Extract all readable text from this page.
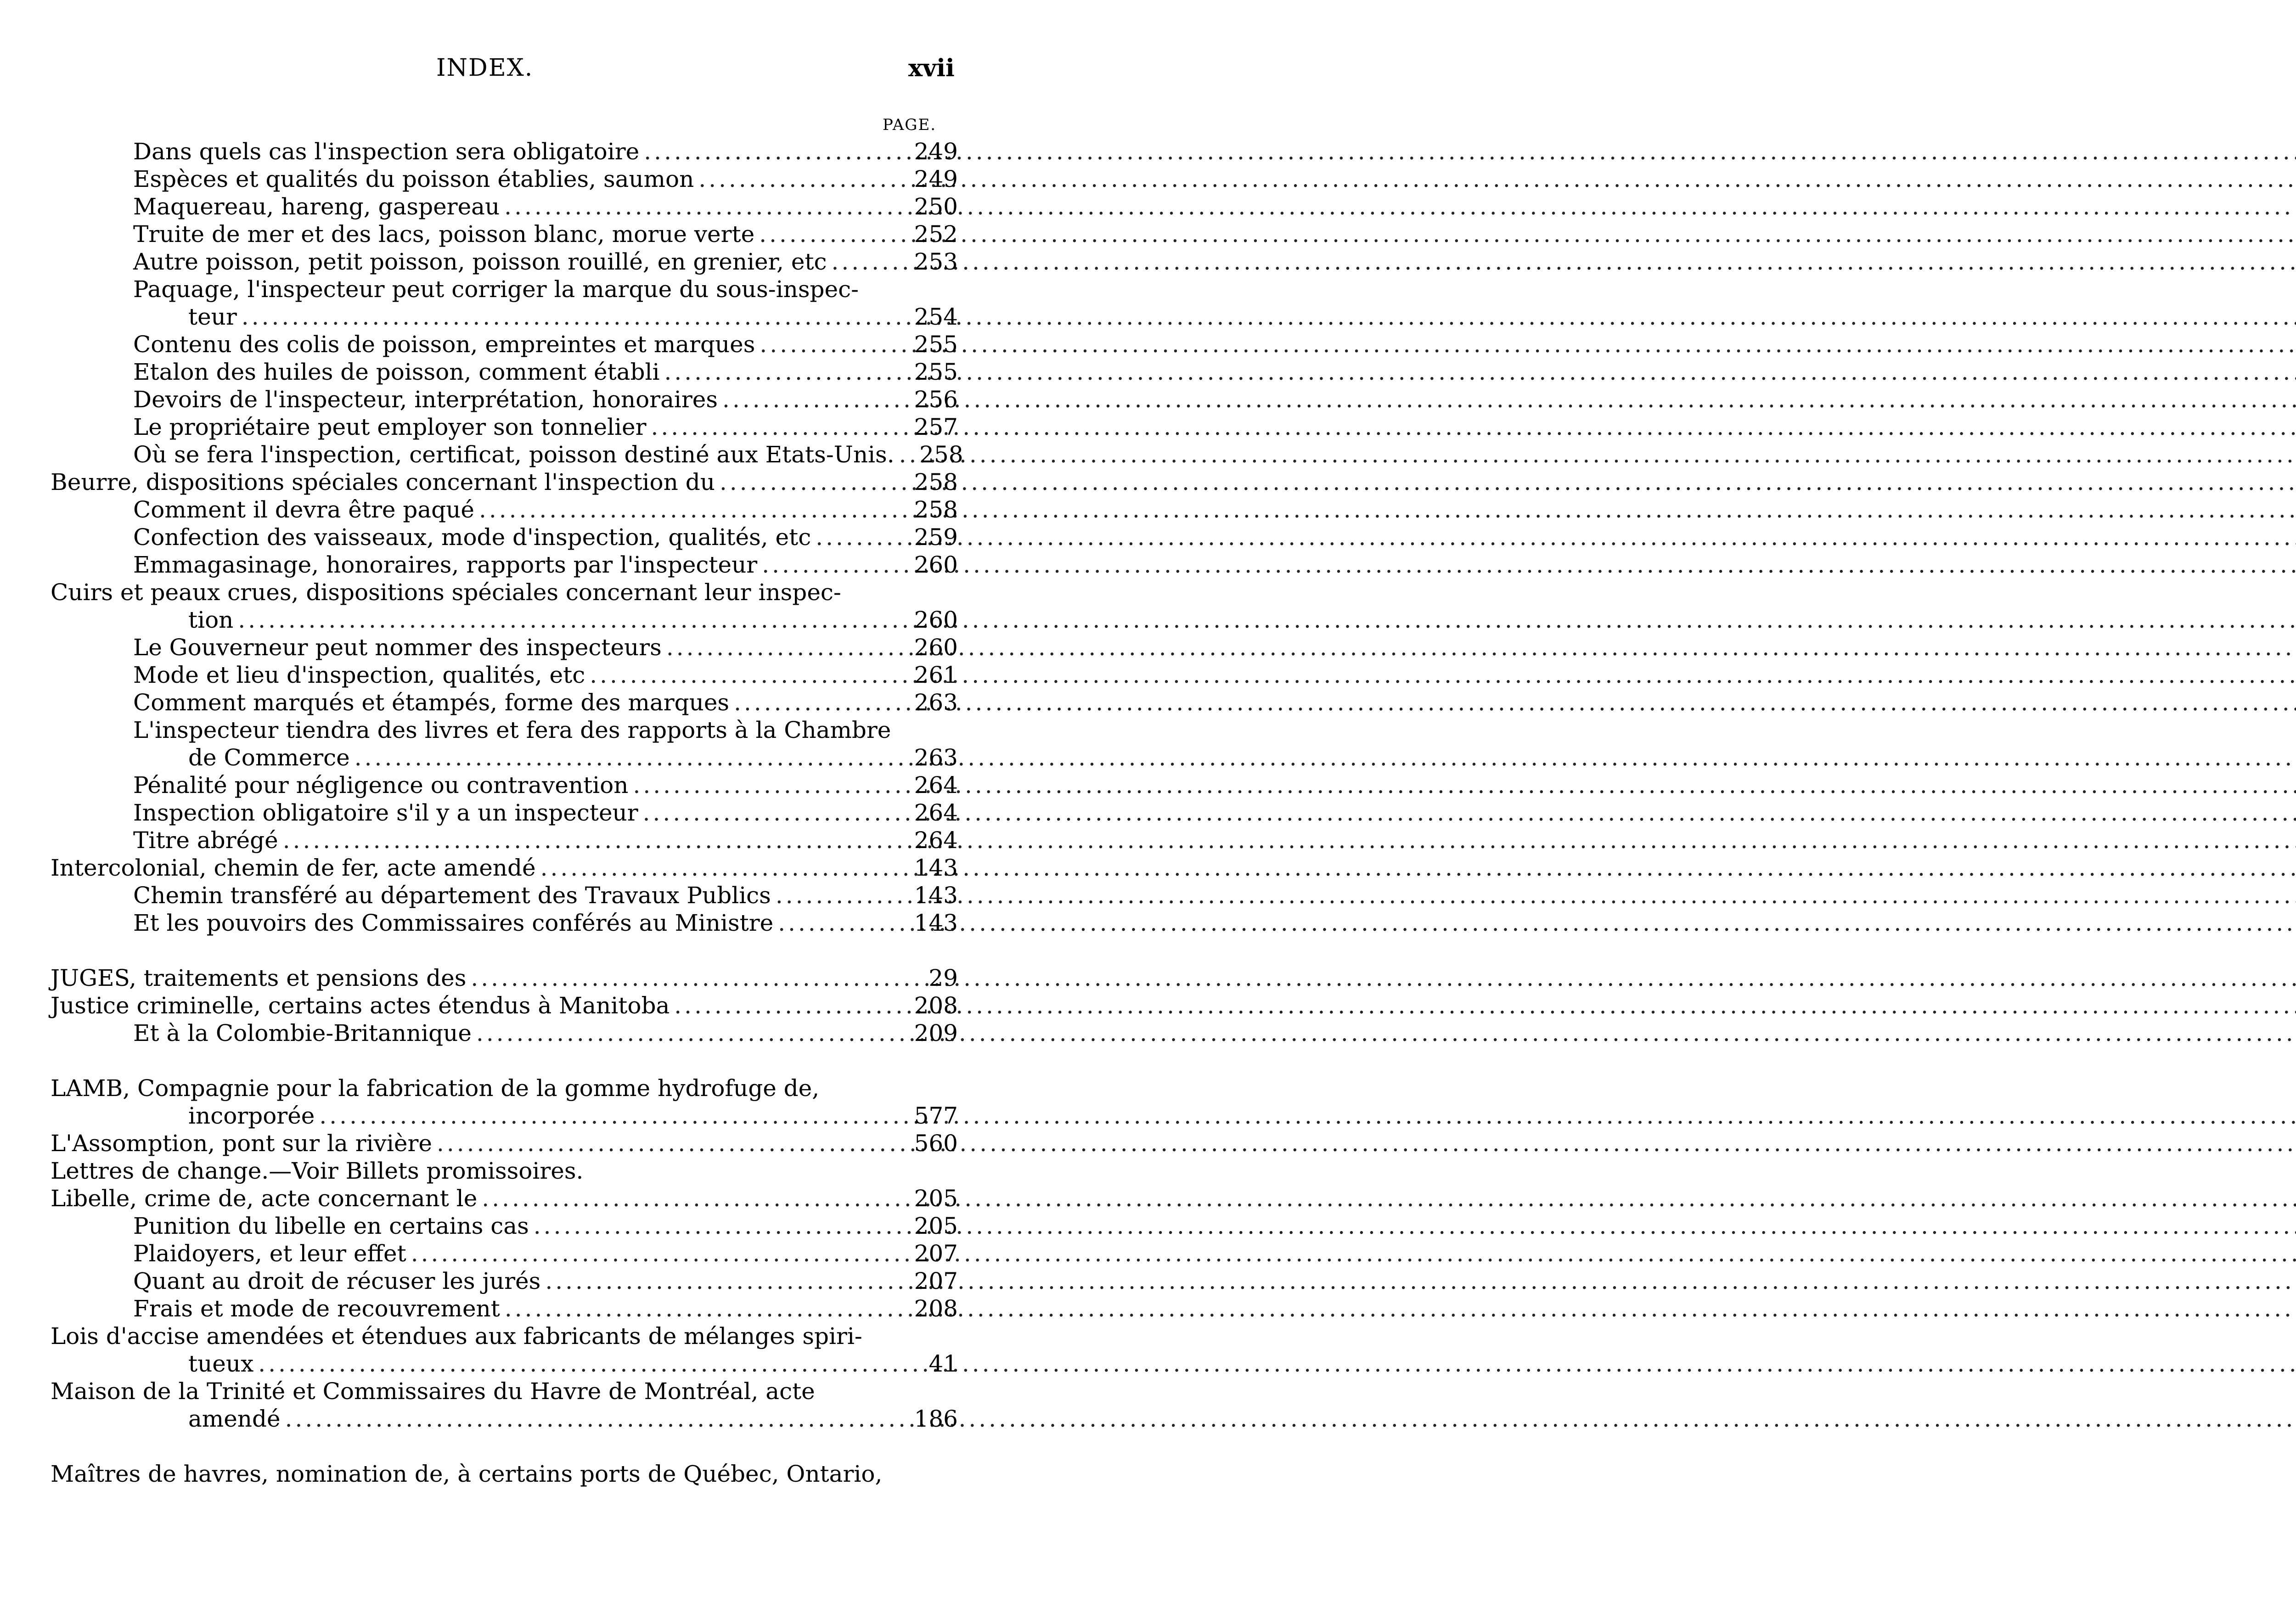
INDEX.	xvii
PAGE.
Dans quels cas l'inspection sera obligatoire .....	249
Espèces et qualités du poisson établies, saumon .....	249
Maquereau, hareng, gaspereau .....	250
Truite de mer et des lacs, poisson blanc, morue verte .....	252
Autre poisson, petit poisson, poisson rouillé, en grenier, etc .....	253
Paquage, l'inspecteur peut corriger la marque du sous-inspec-
teur .....	254
Contenu des colis de poisson, empreintes et marques .....	255
Etalon des huiles de poisson, comment établi .....	255
Devoirs de l'inspecteur, interprétation, honoraires .....	256
Le propriétaire peut employer son tonnelier .....	257
Où se fera l'inspection, certificat, poisson destiné aux Etats-Unis. ..... 258
Beurre, dispositions spéciales concernant l'inspection du .....	258
Comment il devra être paqué .....	258
Confection des vaisseaux, mode d'inspection, qualités, etc .....	259
Emmagasinage, honoraires, rapports par l'inspecteur .....	260
Cuirs et peaux crues, dispositions spéciales concernant leur inspec-
tion .....	260
Le Gouverneur peut nommer des inspecteurs .....	260
Mode et lieu d'inspection, qualités, etc .....	261
Comment marqués et étampés, forme des marques .....	263
L'inspecteur tiendra des livres et fera des rapports à la Chambre
de Commerce .....	263
Pénalité pour négligence ou contravention .....	264
Inspection obligatoire s'il y a un inspecteur .....	264
Titre abrégé .....	264
Intercolonial, chemin de fer, acte amendé .....	143
Chemin transféré au département des Travaux Publics .....	143
Et les pouvoirs des Commissaires conférés au Ministre .....	143
JUGES, traitements et pensions des .....	29
Justice criminelle, certains actes étendus à Manitoba .....	208
Et à la Colombie-Britannique .....	209
LAMB, Compagnie pour la fabrication de la gomme hydrofuge de,
incorporée .....	577
L'Assomption, pont sur la rivière .....	560
Lettres de change.—Voir Billets promissoires.
Libelle, crime de, acte concernant le .....	205
Punition du libelle en certains cas .....	205
Plaidoyers, et leur effet .....	207
Quant au droit de récuser les jurés .....	207
Frais et mode de recouvrement .....	208
Lois d'accise amendées et étendues aux fabricants de mélanges spiri-
tueux .....	41
Maison de la Trinité et Commissaires du Havre de Montréal, acte
amendé .....	186
Maîtres de havres, nomination de, à certains ports de Québec, Ontario,
